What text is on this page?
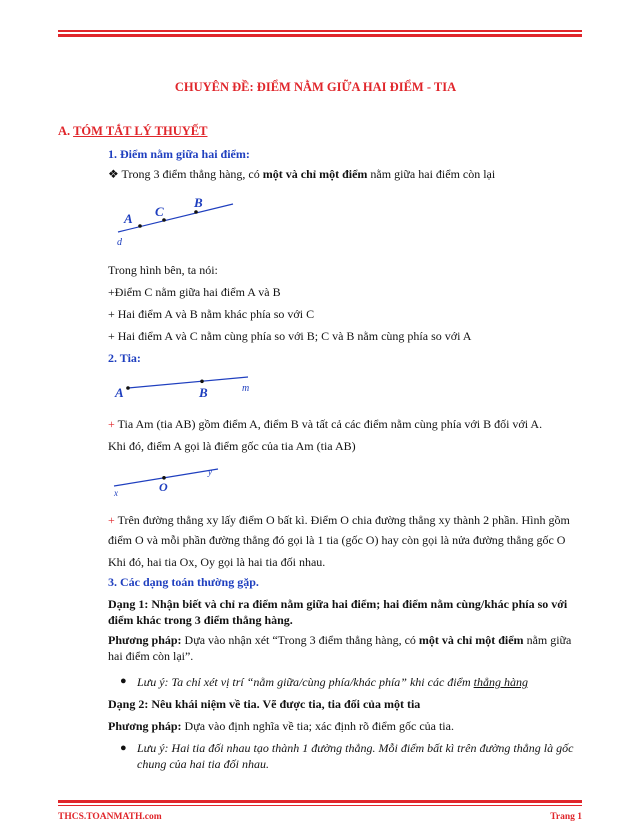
CHUYÊN ĐỀ: ĐIỂM NẰM GIỮA HAI ĐIỂM - TIA
A. TÓM TẮT LÝ THUYẾT
1. Điểm nằm giữa hai điểm:
❖ Trong 3 điểm thẳng hàng, có một và chỉ một điểm nằm giữa hai điểm còn lại
A C
B
d
Trong hình bên, ta nói:
+Điểm C nằm giữa hai điểm A và B
+ Hai điểm A và B nằm khác phía so với C
+ Hai điểm A và C nằm cùng phía so với B; C và B nằm cùng phía so với A
2. Tia:
A	B	m
+ Tia Am (tia AB) gồm điểm A, điểm B và tất cả các điểm nằm cùng phía với B đối với A.
Khi đó, điểm A gọi là điểm gốc của tia Am (tia AB)
x	O
y
+ Trên đường thẳng xy lấy điểm O bất kì. Điểm O chia đường thẳng xy thành 2 phần. Hình gồm
điểm O và mỗi phần đường thẳng đó gọi là 1 tia (gốc O) hay còn gọi là nửa đường thẳng gốc O
Khi đó, hai tia Ox, Oy gọi là hai tia đối nhau.
3. Các dạng toán thường gặp.
Dạng 1: Nhận biết và chỉ ra điểm nằm giữa hai điểm; hai điểm nằm cùng/khác phía so với
điểm khác trong 3 điểm thẳng hàng.
Phương pháp: Dựa vào nhận xét “Trong 3 điểm thẳng hàng, có một và chỉ một điểm nằm giữa
hai điểm còn lại”.
● Lưu ý: Ta chỉ xét vị trí “nằm giữa/cùng phía/khác phía” khi các điểm thẳng hàng
Dạng 2: Nêu khái niệm về tia. Vẽ được tia, tia đối của một tia
Phương pháp: Dựa vào định nghĩa về tia; xác định rõ điểm gốc của tia.
● Lưu ý: Hai tia đối nhau tạo thành 1 đường thẳng. Mỗi điểm bất kì trên đường thẳng là gốc
chung của hai tia đối nhau.
THCS.TOANMATH.com	Trang 1
